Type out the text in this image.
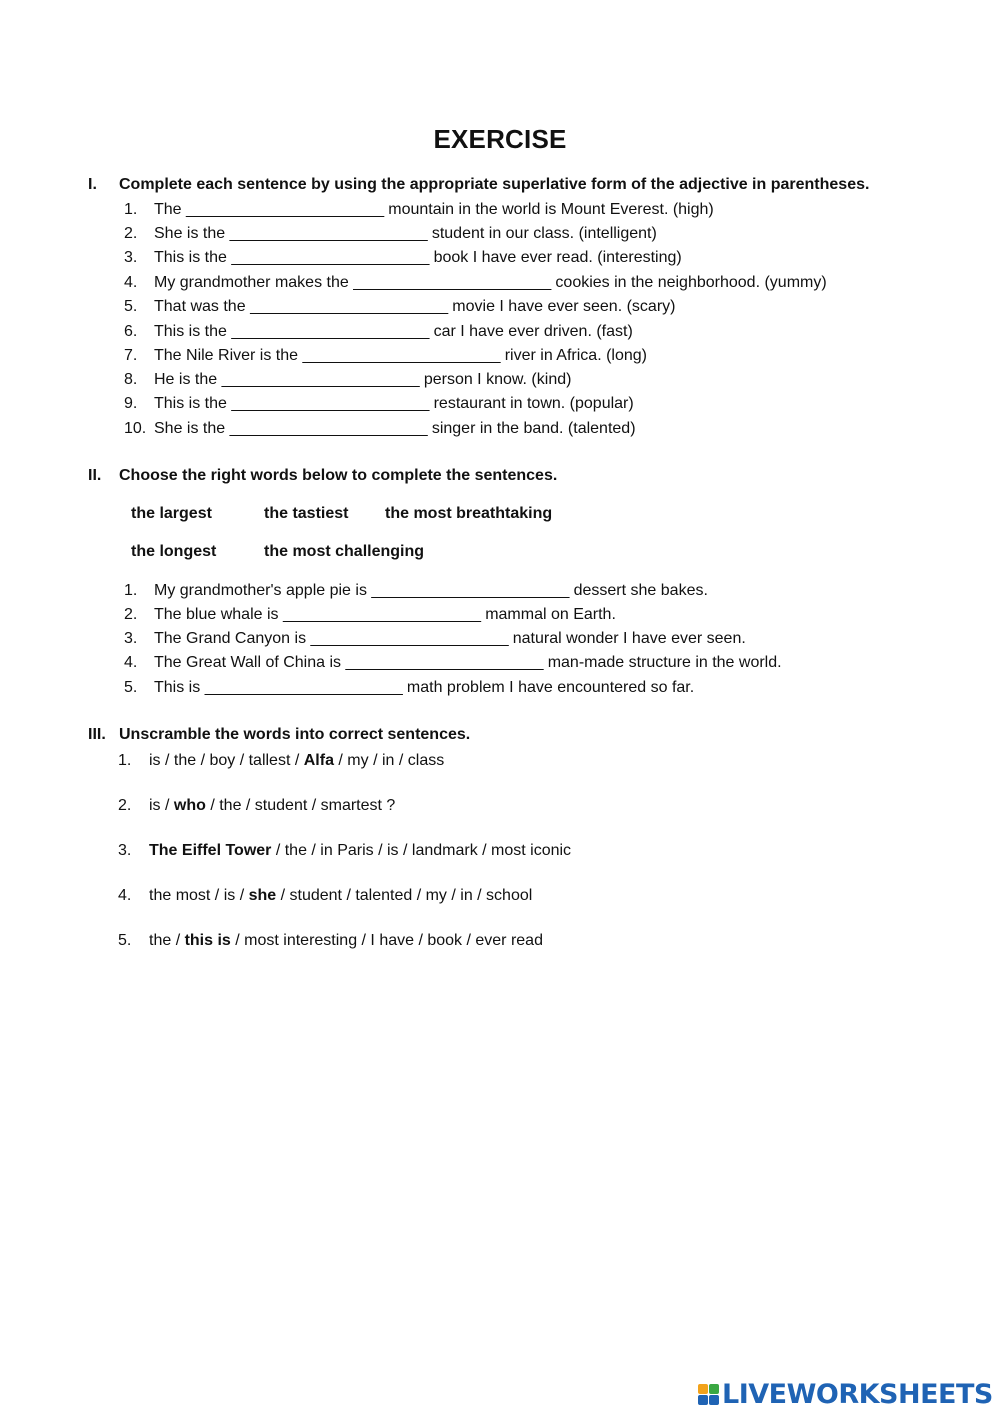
EXERCISE
I. Complete each sentence by using the appropriate superlative form of the adjective in parentheses.
1. The _______________________ mountain in the world is Mount Everest. (high)
2. She is the _______________________ student in our class. (intelligent)
3. This is the _______________________ book I have ever read. (interesting)
4. My grandmother makes the _______________________ cookies in the neighborhood. (yummy)
5. That was the _______________________ movie I have ever seen. (scary)
6. This is the _______________________ car I have ever driven. (fast)
7. The Nile River is the _______________________ river in Africa. (long)
8. He is the _______________________ person I know. (kind)
9. This is the _______________________ restaurant in town. (popular)
10. She is the _______________________ singer in the band. (talented)
II. Choose the right words below to complete the sentences.
the largest	the tastiest the most breathtaking
the longest	the most challenging
1. My grandmother's apple pie is _______________________ dessert she bakes.
2. The blue whale is _______________________ mammal on Earth.
3. The Grand Canyon is _______________________ natural wonder I have ever seen.
4. The Great Wall of China is _______________________ man-made structure in the world.
5. This is _______________________ math problem I have encountered so far.
III. Unscramble the words into correct sentences.
1. is / the / boy / tallest / Alfa / my / in / class
2. is / who / the / student / smartest ?
3. The Eiffel Tower / the / in Paris / is / landmark / most iconic
4. the most / is / she / student / talented / my / in / school
5. the / this is / most interesting / I have / book / ever read
LIVEWORKSHEETS
